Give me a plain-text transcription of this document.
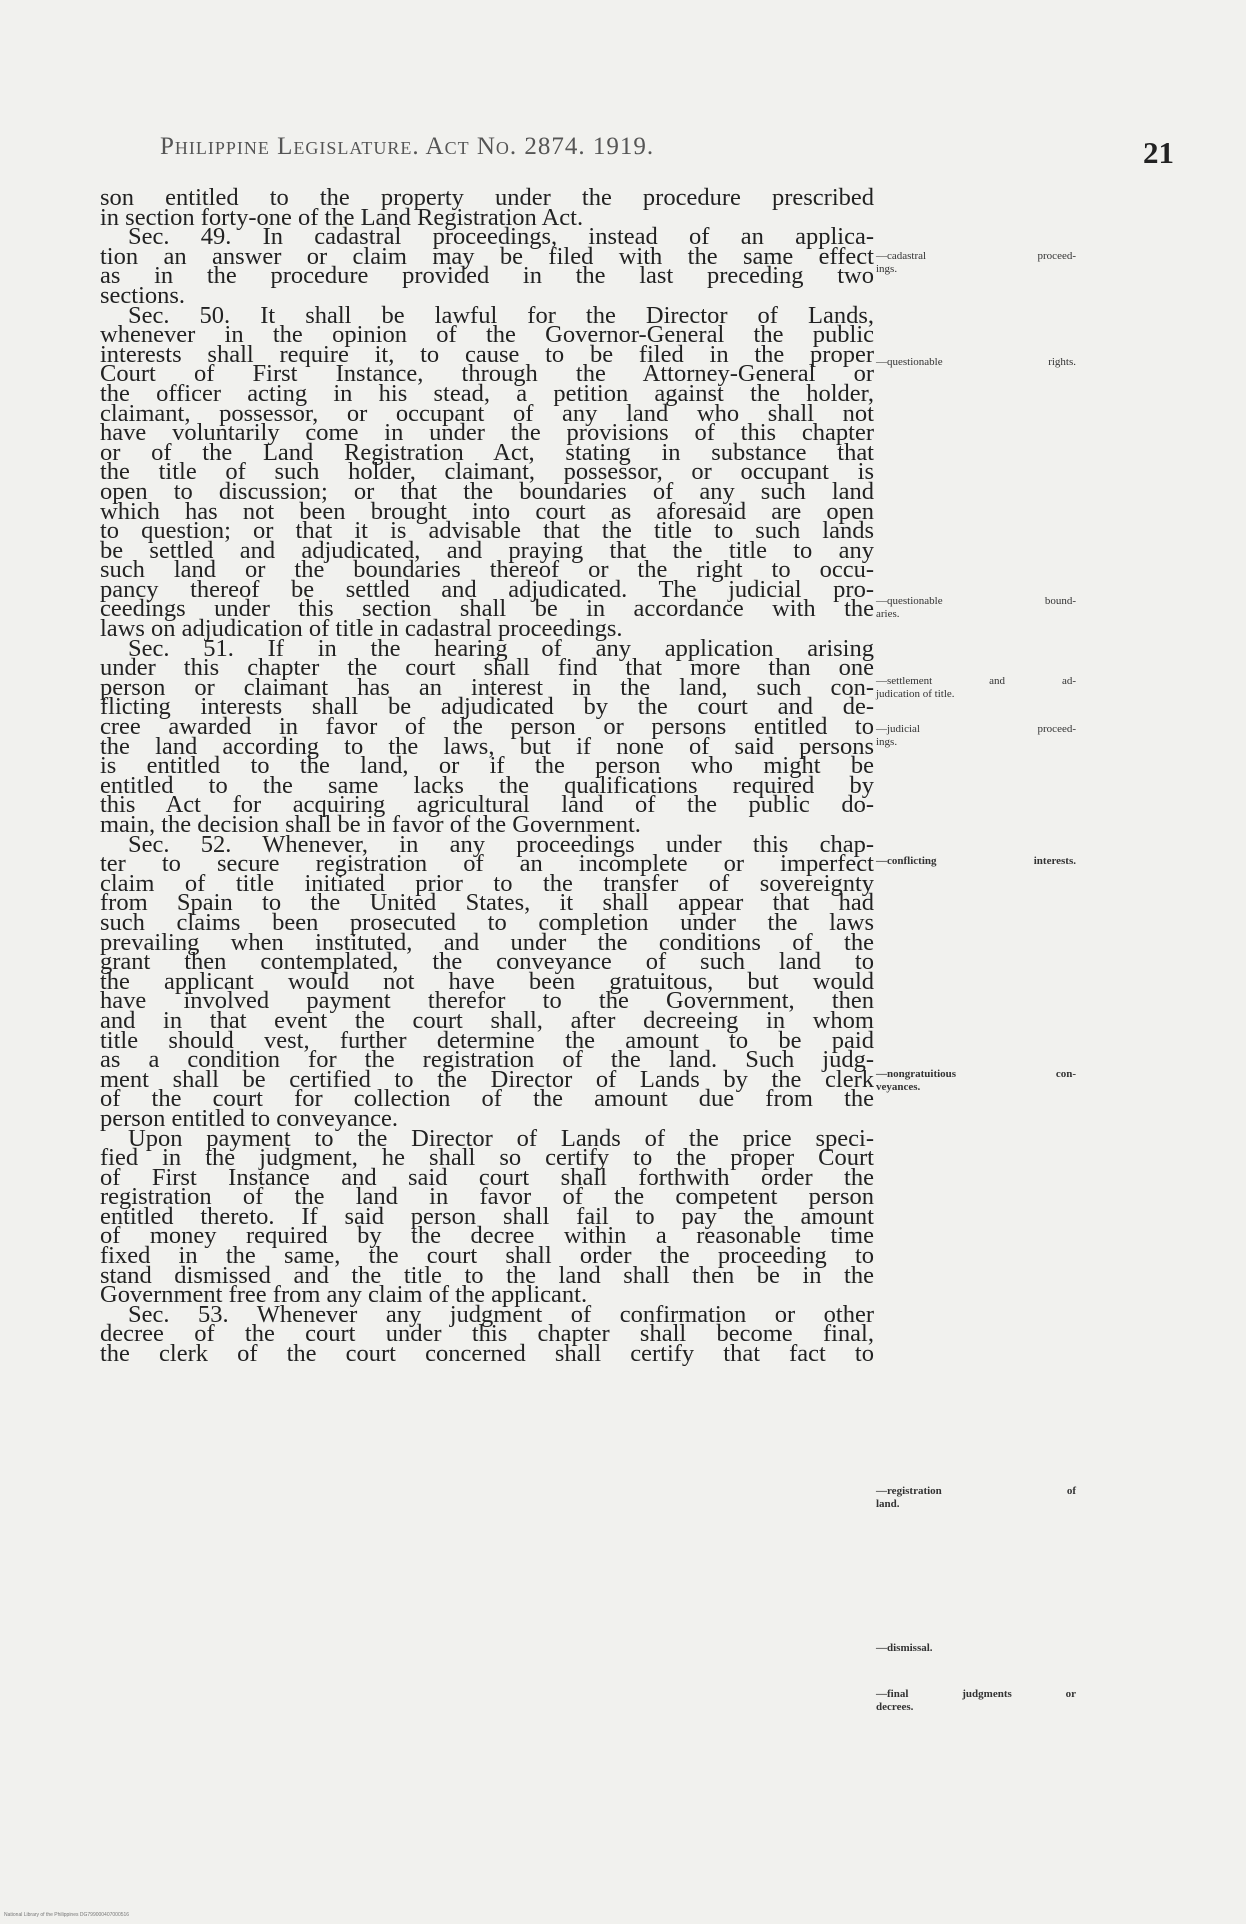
Philippine Legislature. Act No. 2874. 1919.	21
son entitled to the property under the procedure prescribed
in section forty-one of the Land Registration Act.
Sec. 49. In cadastral proceedings, instead of an applica-
tion an answer or claim may be filed with the same effect
as in the procedure provided in the last preceding two
sections.
Sec. 50. It shall be lawful for the Director of Lands,
whenever in the opinion of the Governor-General the public
interests shall require it, to cause to be filed in the proper
Court of First Instance, through the Attorney-General or
the officer acting in his stead, a petition against the holder,
claimant, possessor, or occupant of any land who shall not
have voluntarily come in under the provisions of this chapter
or of the Land Registration Act, stating in substance that
the title of such holder, claimant, possessor, or occupant is
open to discussion; or that the boundaries of any such land
which has not been brought into court as aforesaid are open
to question; or that it is advisable that the title to such lands
be settled and adjudicated, and praying that the title to any
such land or the boundaries thereof or the right to occu-
pancy thereof be settled and adjudicated. The judicial pro-
ceedings under this section shall be in accordance with the
laws on adjudication of title in cadastral proceedings.
Sec. 51. If in the hearing of any application arising
under this chapter the court shall find that more than one
person or claimant has an interest in the land, such con-
flicting interests shall be adjudicated by the court and de-
cree awarded in favor of the person or persons entitled to
the land according to the laws, but if none of said persons
is entitled to the land, or if the person who might be
entitled to the same lacks the qualifications required by
this Act for acquiring agricultural land of the public do-
main, the decision shall be in favor of the Government.
Sec. 52. Whenever, in any proceedings under this chap-
ter to secure registration of an incomplete or imperfect
claim of title initiated prior to the transfer of sovereignty
from Spain to the United States, it shall appear that had
such claims been prosecuted to completion under the laws
prevailing when instituted, and under the conditions of the
grant then contemplated, the conveyance of such land to
the applicant would not have been gratuitous, but would
have involved payment therefor to the Government, then
and in that event the court shall, after decreeing in whom
title should vest, further determine the amount to be paid
as a condition for the registration of the land. Such judg-
ment shall be certified to the Director of Lands by the clerk
of the court for collection of the amount due from the
person entitled to conveyance.
Upon payment to the Director of Lands of the price speci-
fied in the judgment, he shall so certify to the proper Court
of First Instance and said court shall forthwith order the
registration of the land in favor of the competent person
entitled thereto. If said person shall fail to pay the amount
of money required by the decree within a reasonable time
fixed in the same, the court shall order the proceeding to
stand dismissed and the title to the land shall then be in the
Government free from any claim of the applicant.
Sec. 53. Whenever any judgment of confirmation or other
decree of the court under this chapter shall become final,
the clerk of the court concerned shall certify that fact to
—cadastral proceed-
ings.
—questionable rights.
—questionable bound-
aries.
—settlement and ad-
judication of title.
—judicial proceed-
ings.
—conflicting interests.
—nongratuitious con-
veyances.
—registration of
land.
—dismissal.
—final judgments or
decrees.
National Library of the Philippines DG799000407000516
